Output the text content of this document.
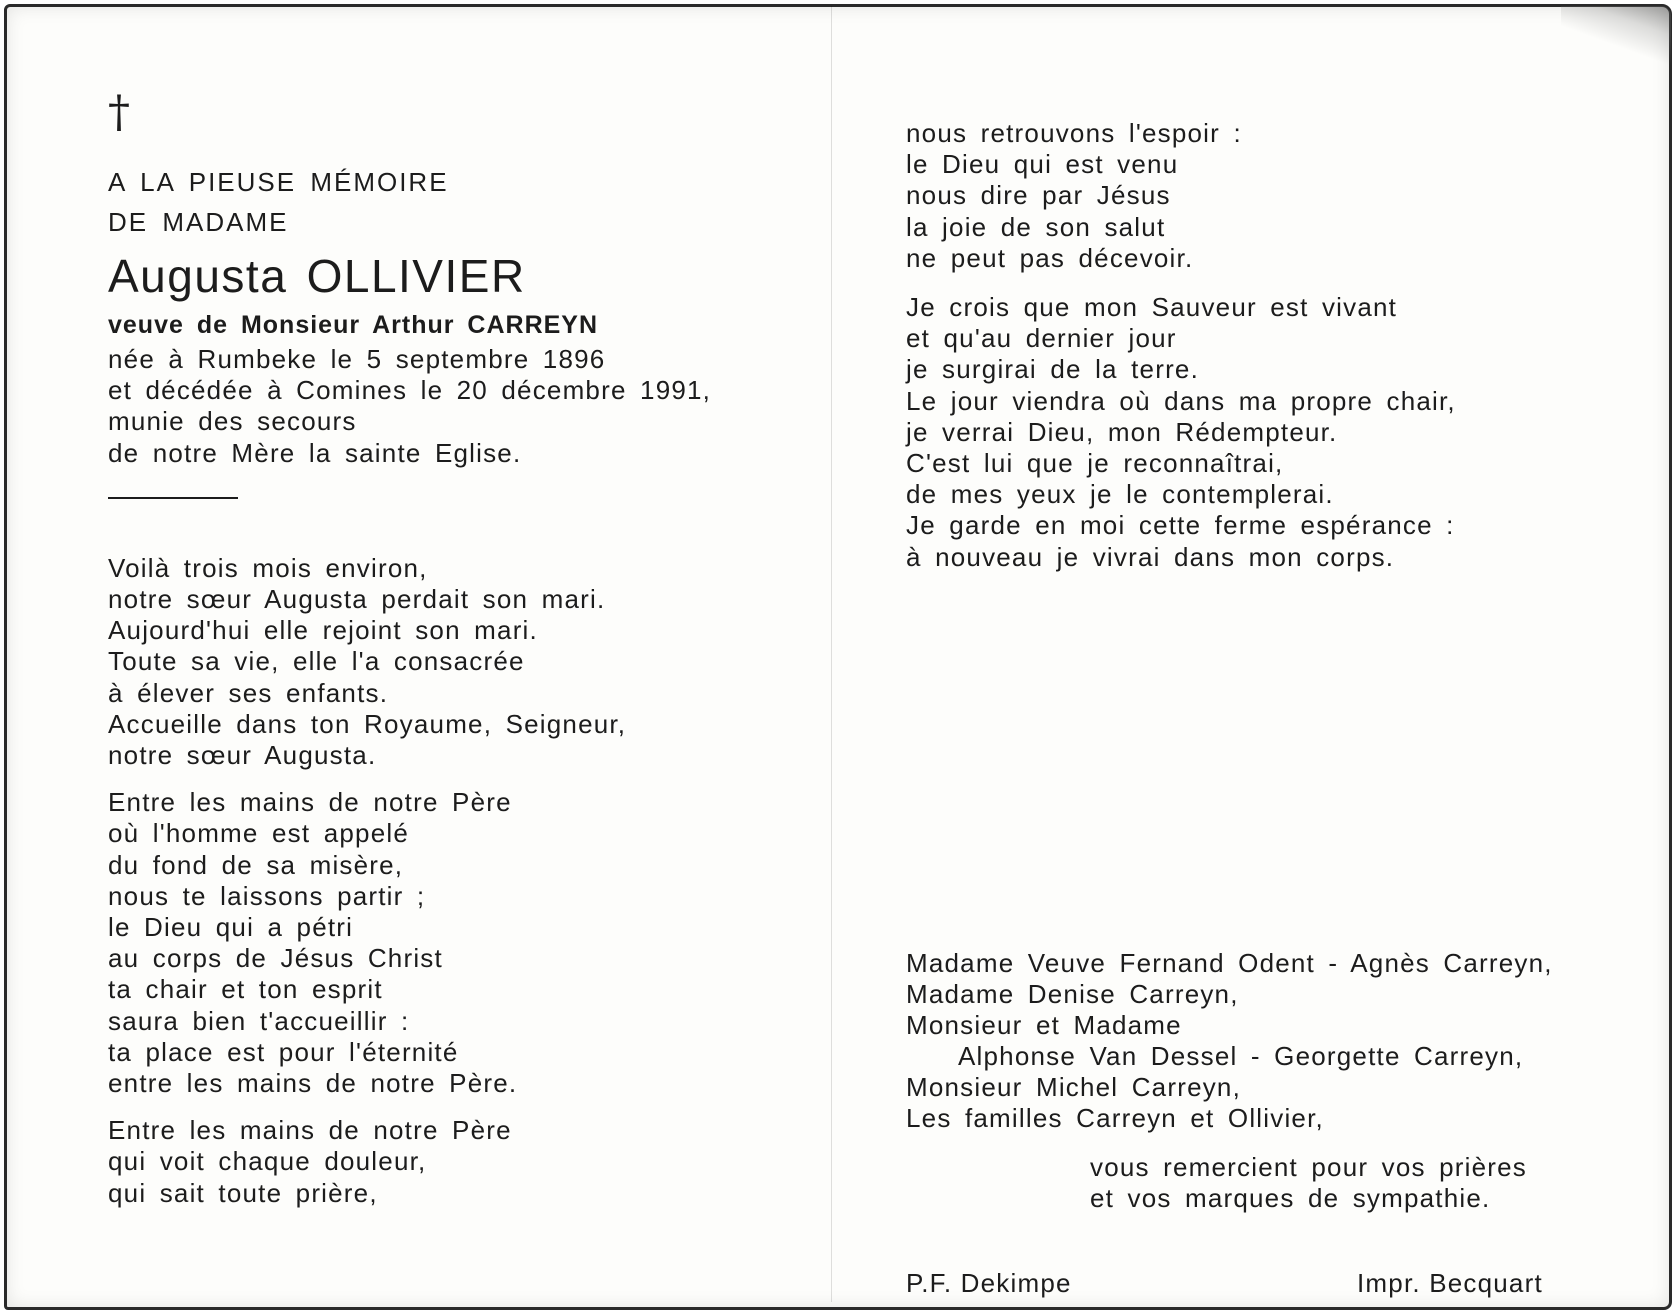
†
A LA PIEUSE MÉMOIRE
DE MADAME
Augusta OLLIVIER
veuve de Monsieur Arthur CARREYN
née à Rumbeke le 5 septembre 1896
et décédée à Comines le 20 décembre 1991,
munie des secours
de notre Mère la sainte Eglise.
Voilà trois mois environ,
notre sœur Augusta perdait son mari.
Aujourd'hui elle rejoint son mari.
Toute sa vie, elle l'a consacrée
à élever ses enfants.
Accueille dans ton Royaume, Seigneur,
notre sœur Augusta.
Entre les mains de notre Père
où l'homme est appelé
du fond de sa misère,
nous te laissons partir ;
le Dieu qui a pétri
au corps de Jésus Christ
ta chair et ton esprit
saura bien t'accueillir :
ta place est pour l'éternité
entre les mains de notre Père.
Entre les mains de notre Père
qui voit chaque douleur,
qui sait toute prière,
nous retrouvons l'espoir :
le Dieu qui est venu
nous dire par Jésus
la joie de son salut
ne peut pas décevoir.
Je crois que mon Sauveur est vivant
et qu'au dernier jour
je surgirai de la terre.
Le jour viendra où dans ma propre chair,
je verrai Dieu, mon Rédempteur.
C'est lui que je reconnaîtrai,
de mes yeux je le contemplerai.
Je garde en moi cette ferme espérance :
à nouveau je vivrai dans mon corps.
Madame Veuve Fernand Odent - Agnès Carreyn,
Madame Denise Carreyn,
Monsieur et Madame
Alphonse Van Dessel - Georgette Carreyn,
Monsieur Michel Carreyn,
Les familles Carreyn et Ollivier,
vous remercient pour vos prières
et vos marques de sympathie.
P.F. Dekimpe	Impr. Becquart
